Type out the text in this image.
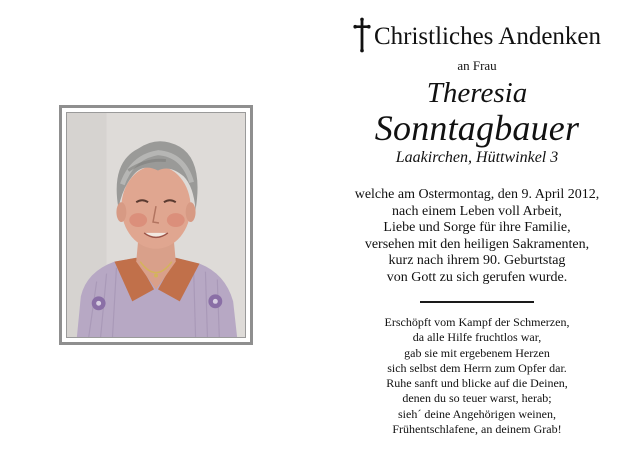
Christliches Andenken
an Frau
Theresia
Sonntagbauer
Laakirchen, Hüttwinkel 3
welche am Ostermontag, den 9. April 2012,
nach einem Leben voll Arbeit,
Liebe und Sorge für ihre Familie,
versehen mit den heiligen Sakramenten,
kurz nach ihrem 90. Geburtstag
von Gott zu sich gerufen wurde.
Erschöpft vom Kampf der Schmerzen,
da alle Hilfe fruchtlos war,
gab sie mit ergebenem Herzen
sich selbst dem Herrn zum Opfer dar.
Ruhe sanft und blicke auf die Deinen,
denen du so teuer warst, herab;
sieh´ deine Angehörigen weinen,
Frühentschlafene, an deinem Grab!
